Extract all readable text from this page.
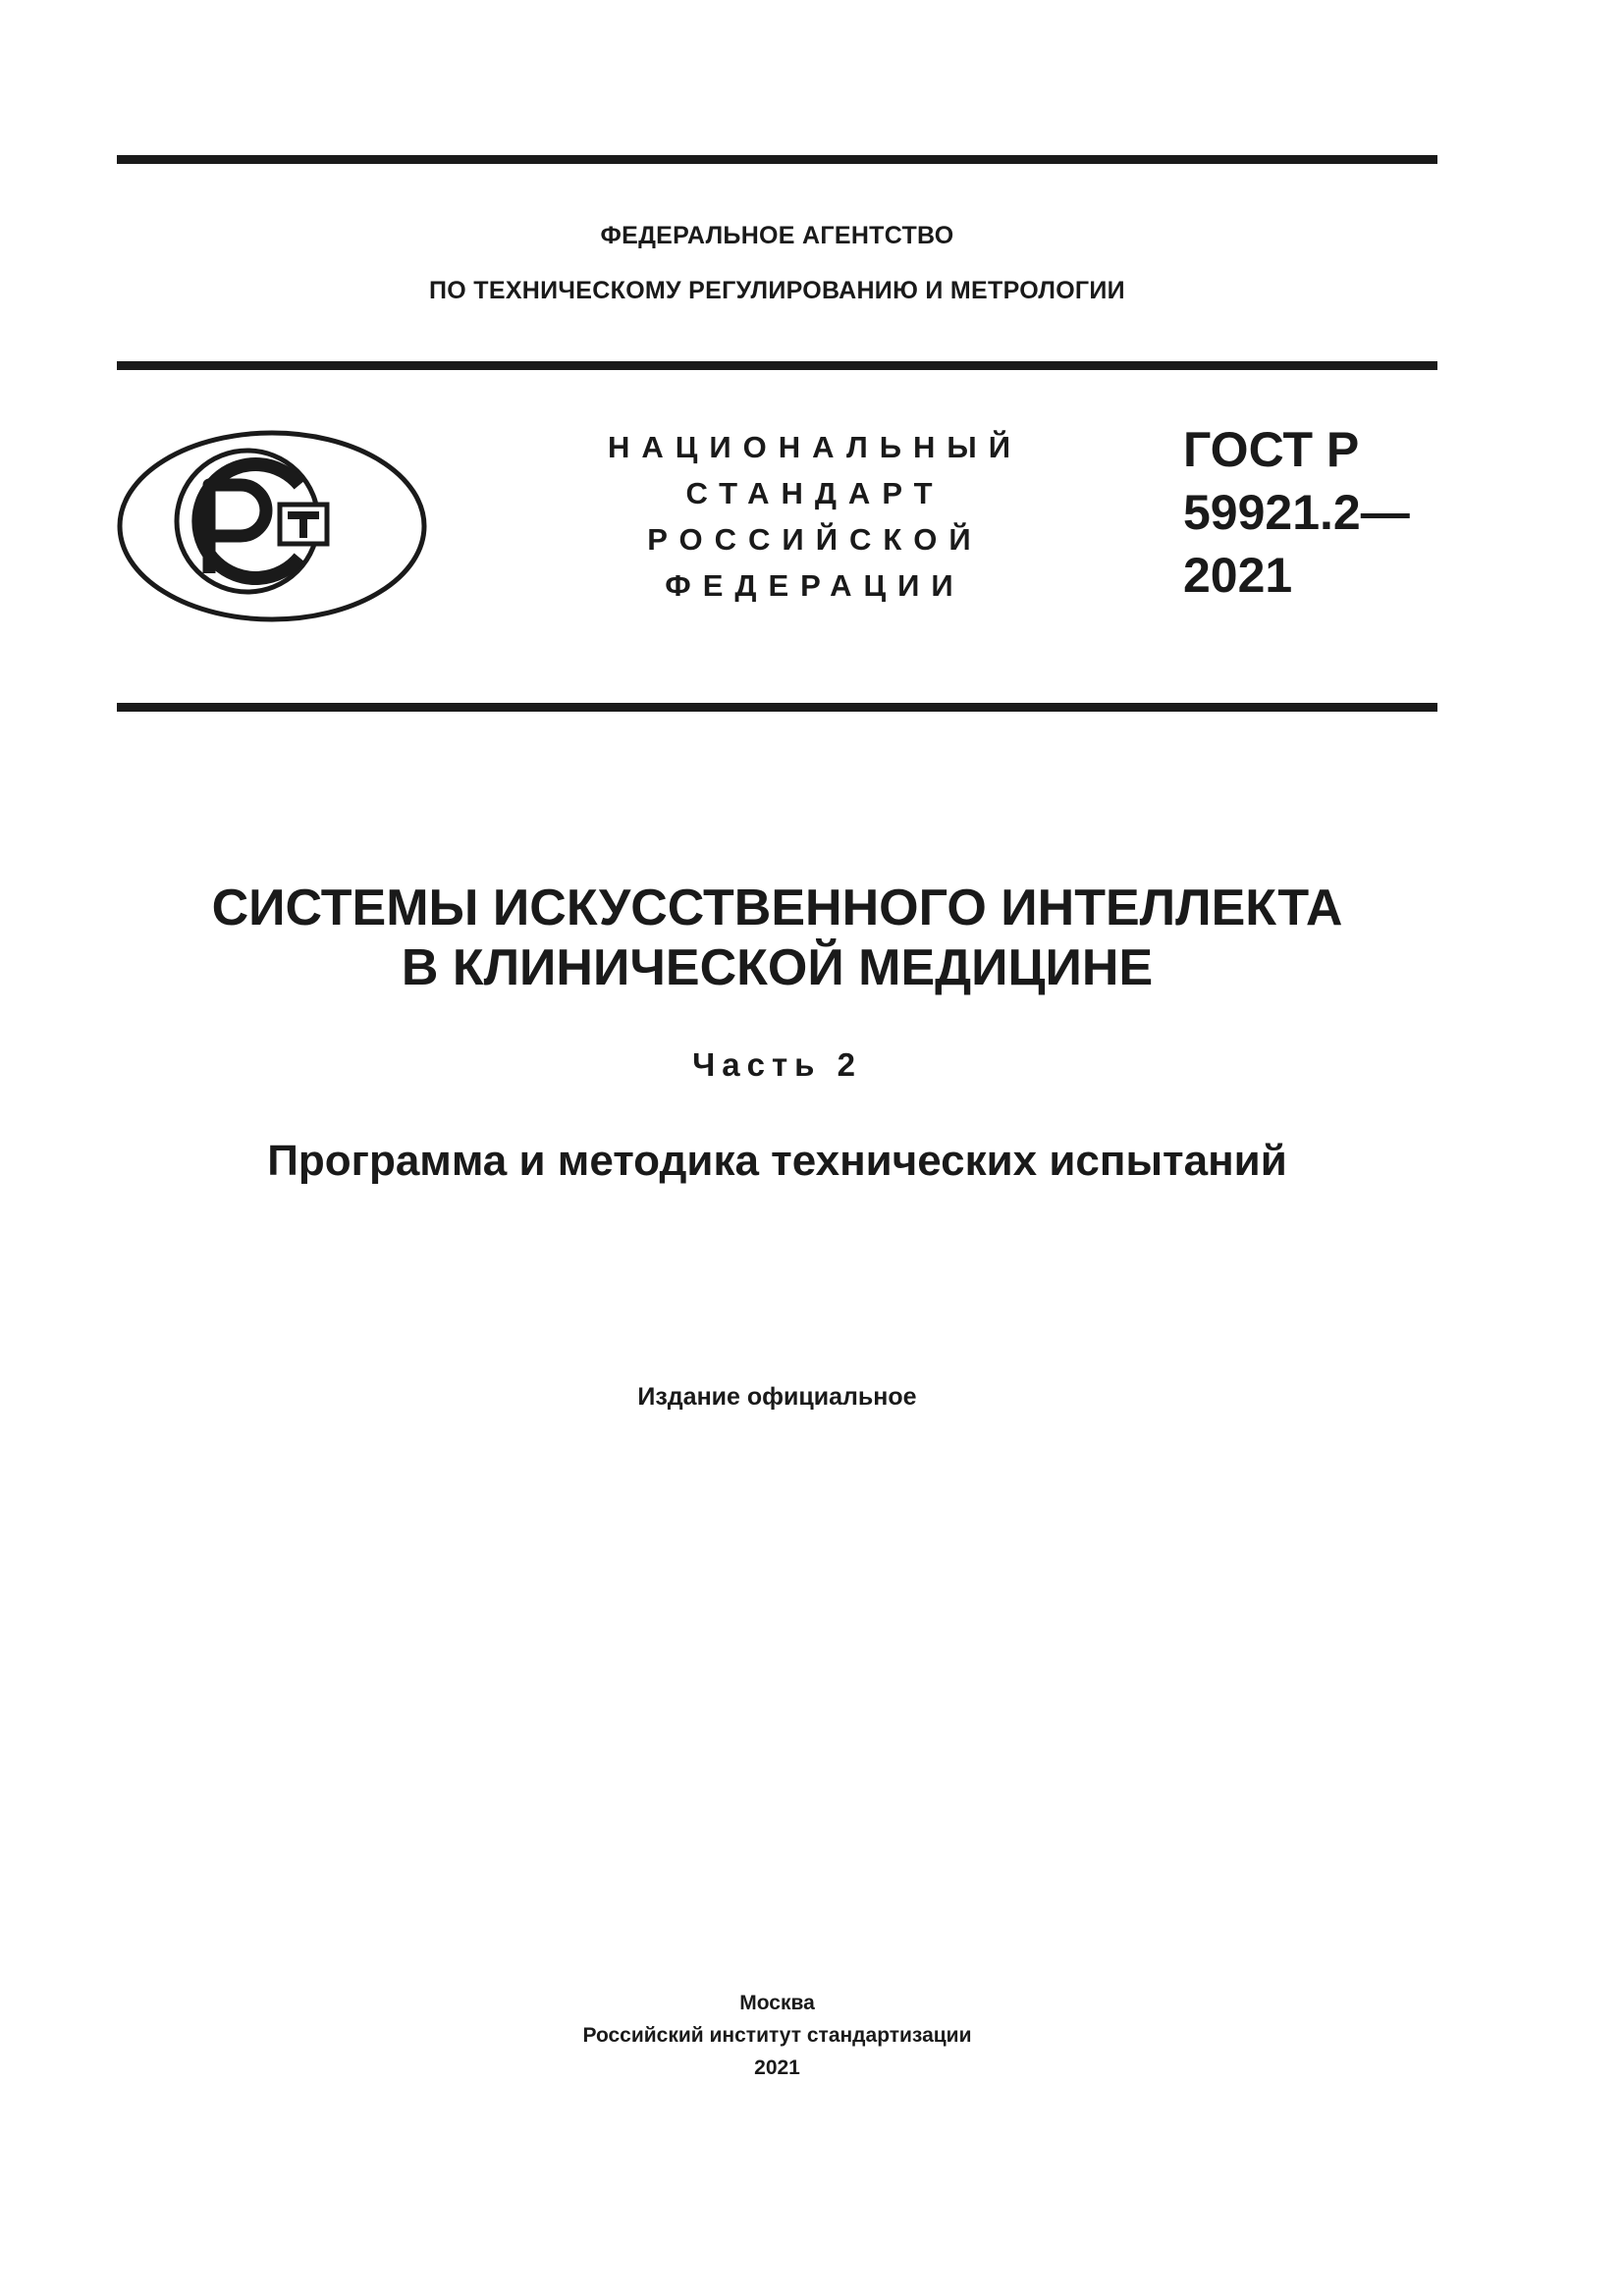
ФЕДЕРАЛЬНОЕ АГЕНТСТВО
ПО ТЕХНИЧЕСКОМУ РЕГУЛИРОВАНИЮ И МЕТРОЛОГИИ
НАЦИОНАЛЬНЫЙ
СТАНДАРТ
РОССИЙСКОЙ
ФЕДЕРАЦИИ
ГОСТ Р
59921.2—
2021
СИСТЕМЫ ИСКУССТВЕННОГО ИНТЕЛЛЕКТА
В КЛИНИЧЕСКОЙ МЕДИЦИНЕ
Часть 2
Программа и методика технических испытаний
Издание официальное
Москва
Российский институт стандартизации
2021
